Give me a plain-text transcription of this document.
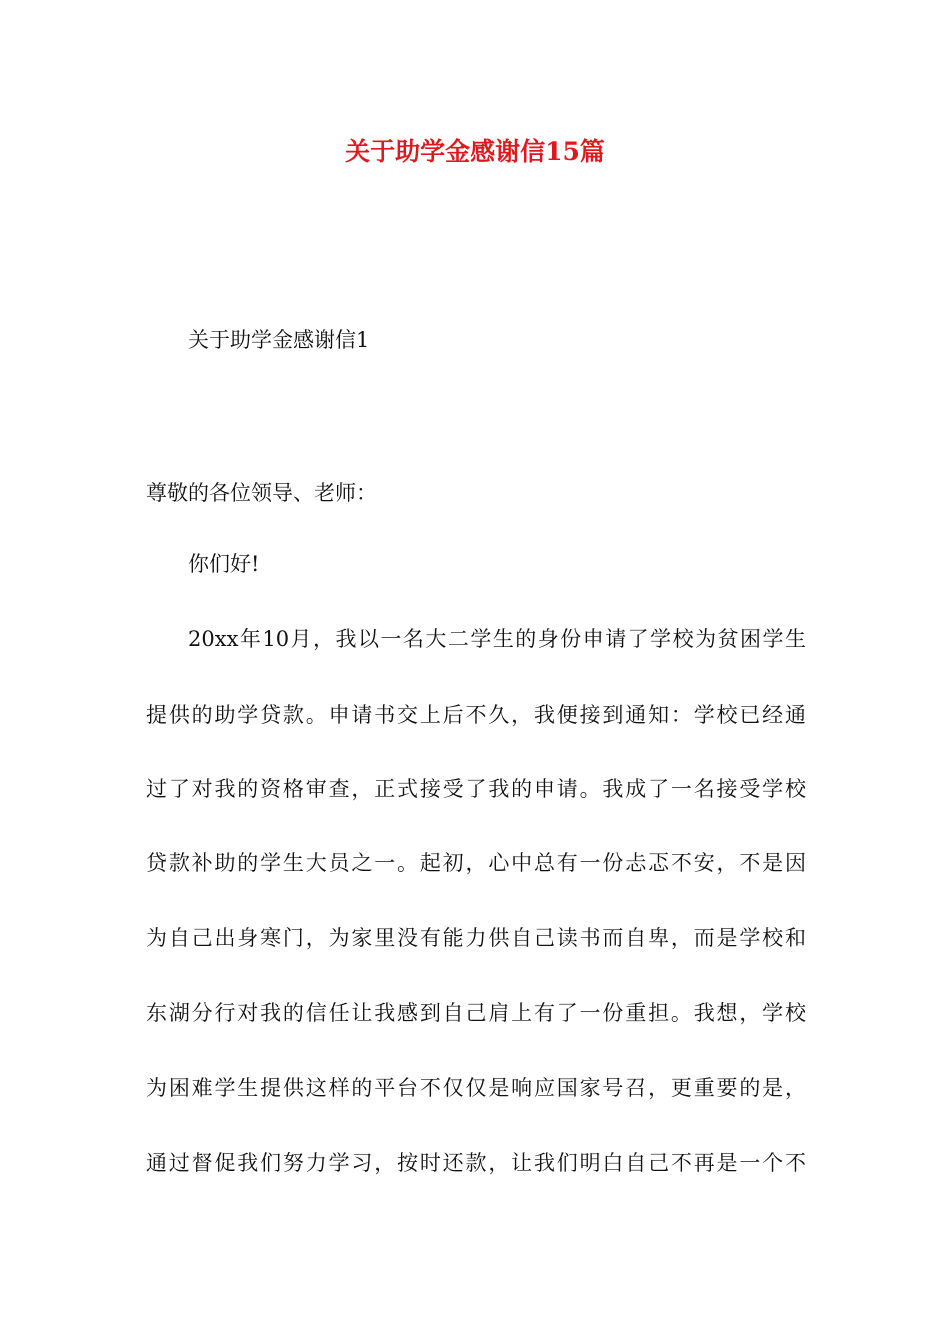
关于助学金感谢信15篇
关于助学金感谢信1
尊敬的各位领导、老师：
你们好!
20xx年10月，我以一名大二学生的身份申请了学校为贫困学生
提供的助学贷款。申请书交上后不久，我便接到通知：学校已经通
过了对我的资格审查，正式接受了我的申请。我成了一名接受学校
贷款补助的学生大员之一。起初，心中总有一份忐忑不安，不是因
为自己出身寒门，为家里没有能力供自己读书而自卑，而是学校和
东湖分行对我的信任让我感到自己肩上有了一份重担。我想，学校
为困难学生提供这样的平台不仅仅是响应国家号召，更重要的是，
通过督促我们努力学习，按时还款，让我们明白自己不再是一个不
